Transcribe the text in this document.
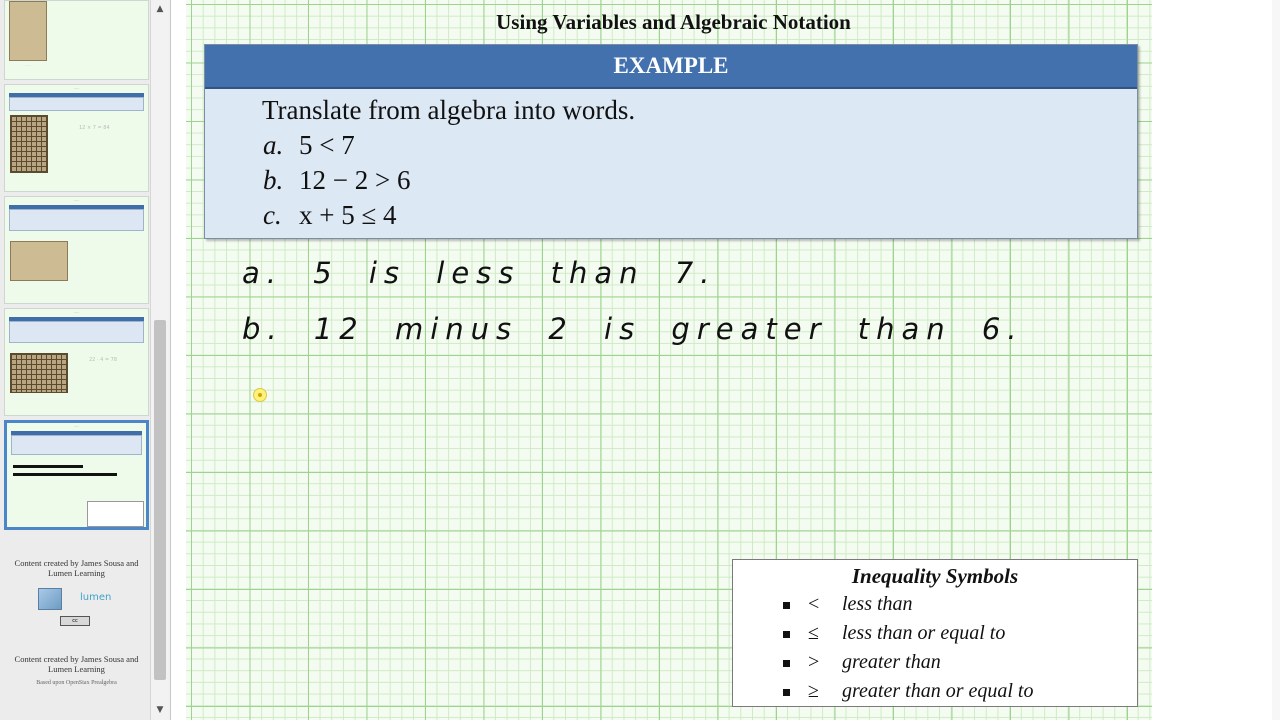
······
·····
12 × 7 = 84
·····
·····
22 · 4 = 78
·····
Content created by James Sousa and Lumen Learning
lumen
cc
Content created by James Sousa and Lumen Learning
Based upon OpenStax Prealgebra
▲
▼
Using Variables and Algebraic Notation
EXAMPLE
Translate from algebra into words.
a. 5 < 7
b. 12 − 2 > 6
c. x + 5 ≤ 4
a. 5 is less than 7.
b. 12 minus 2 is greater than 6.
Inequality Symbols
< less than
≤ less than or equal to
> greater than
≥ greater than or equal to
